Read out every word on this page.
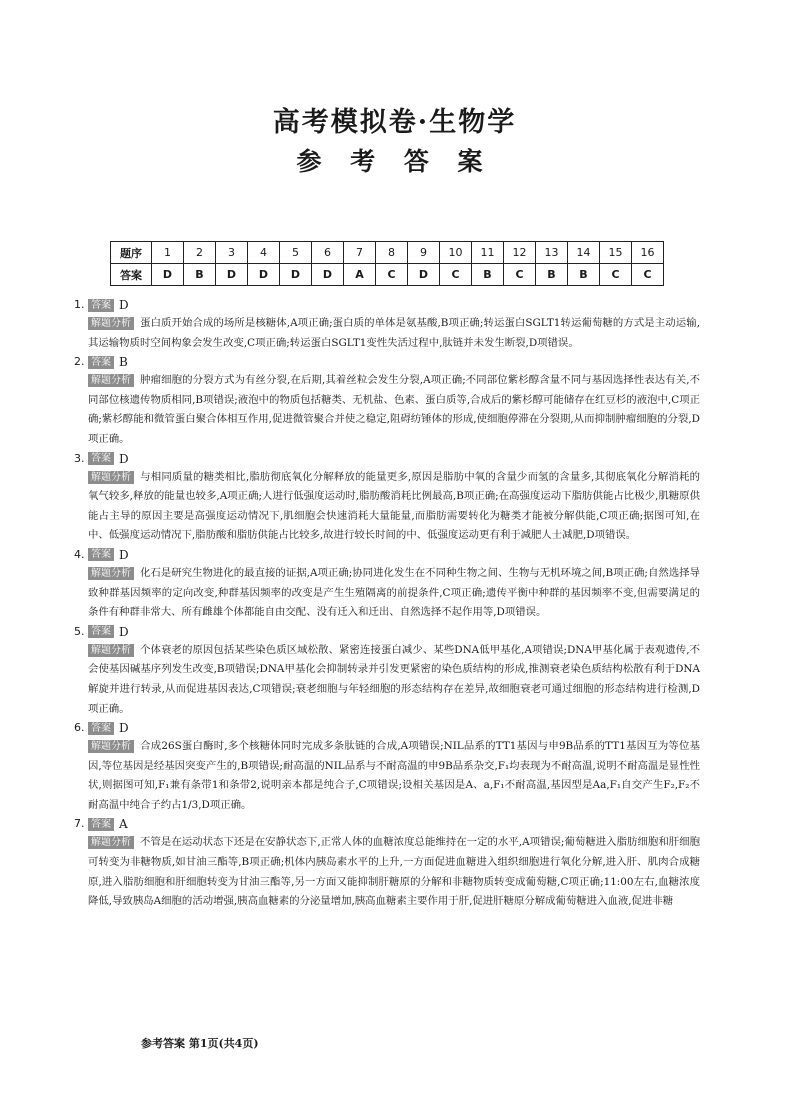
高考模拟卷·生物学
参 考 答 案
题序	1	2	3	4	5	6	7	8	9	10	11	12	13	14	15	16
答案	D	B	D	D	D	D	A	C	D	C	B	C	B	B	C	C
1. 答案 D

解题分析 蛋白质开始合成的场所是核糖体,A项正确;蛋白质的单体是氨基酸,B项正确;转运蛋白SGLT1转运葡萄糖的方式是主动运输,其运输物质时空间构象会发生改变,C项正确;转运蛋白SGLT1变性失活过程中,肽链并未发生断裂,D项错误。

2. 答案 B

解题分析 肿瘤细胞的分裂方式为有丝分裂,在后期,其着丝粒会发生分裂,A项正确;不同部位紫杉醇含量不同与基因选择性表达有关,不同部位核遗传物质相同,B项错误;液泡中的物质包括糖类、无机盐、色素、蛋白质等,合成后的紫杉醇可能储存在红豆杉的液泡中,C项正确;紫杉醇能和微管蛋白聚合体相互作用,促进微管聚合并使之稳定,阻碍纺锤体的形成,使细胞停滞在分裂期,从而抑制肿瘤细胞的分裂,D项正确。

3. 答案 D

解题分析 与相同质量的糖类相比,脂肪彻底氧化分解释放的能量更多,原因是脂肪中氧的含量少而氢的含量多,其彻底氧化分解消耗的氧气较多,释放的能量也较多,A项正确;人进行低强度运动时,脂肪酸消耗比例最高,B项正确;在高强度运动下脂肪供能占比极少,肌糖原供能占主导的原因主要是高强度运动情况下,肌细胞会快速消耗大量能量,而脂肪需要转化为糖类才能被分解供能,C项正确;据图可知,在中、低强度运动情况下,脂肪酸和脂肪供能占比较多,故进行较长时间的中、低强度运动更有利于减肥人士减肥,D项错误。

4. 答案 D

解题分析 化石是研究生物进化的最直接的证据,A项正确;协同进化发生在不同种生物之间、生物与无机环境之间,B项正确;自然选择导致种群基因频率的定向改变,种群基因频率的改变是产生生殖隔离的前提条件,C项正确;遗传平衡中种群的基因频率不变,但需要满足的条件有种群非常大、所有雌雄个体都能自由交配、没有迁入和迁出、自然选择不起作用等,D项错误。

5. 答案 D

解题分析 个体衰老的原因包括某些染色质区域松散、紧密连接蛋白减少、某些DNA低甲基化,A项错误;DNA甲基化属于表观遗传,不会使基因碱基序列发生改变,B项错误;DNA甲基化会抑制转录并引发更紧密的染色质结构的形成,推测衰老染色质结构松散有利于DNA解旋并进行转录,从而促进基因表达,C项错误;衰老细胞与年轻细胞的形态结构存在差异,故细胞衰老可通过细胞的形态结构进行检测,D项正确。

6. 答案 D

解题分析 合成26S蛋白酶时,多个核糖体同时完成多条肽链的合成,A项错误;NIL品系的TT1基因与申9B品系的TT1基因互为等位基因,等位基因是经基因突变产生的,B项错误;耐高温的NIL品系与不耐高温的申9B品系杂交,F₁均表现为不耐高温,说明不耐高温是显性性状,则据图可知,F₁兼有条带1和条带2,说明亲本都是纯合子,C项错误;设相关基因是A、a,F₁不耐高温,基因型是Aa,F₁自交产生F₂,F₂不耐高温中纯合子约占1/3,D项正确。

7. 答案 A

解题分析 不管是在运动状态下还是在安静状态下,正常人体的血糖浓度总能维持在一定的水平,A项错误;葡萄糖进入脂肪细胞和肝细胞可转变为非糖物质,如甘油三酯等,B项正确;机体内胰岛素水平的上升,一方面促进血糖进入组织细胞进行氧化分解,进入肝、肌肉合成糖原,进入脂肪细胞和肝细胞转变为甘油三酯等,另一方面又能抑制肝糖原的分解和非糖物质转变成葡萄糖,C项正确;11:00左右,血糖浓度降低,导致胰岛A细胞的活动增强,胰高血糖素的分泌量增加,胰高血糖素主要作用于肝,促进肝糖原分解成葡萄糖进入血液,促进非糖

参考答案 第1页(共4页)
